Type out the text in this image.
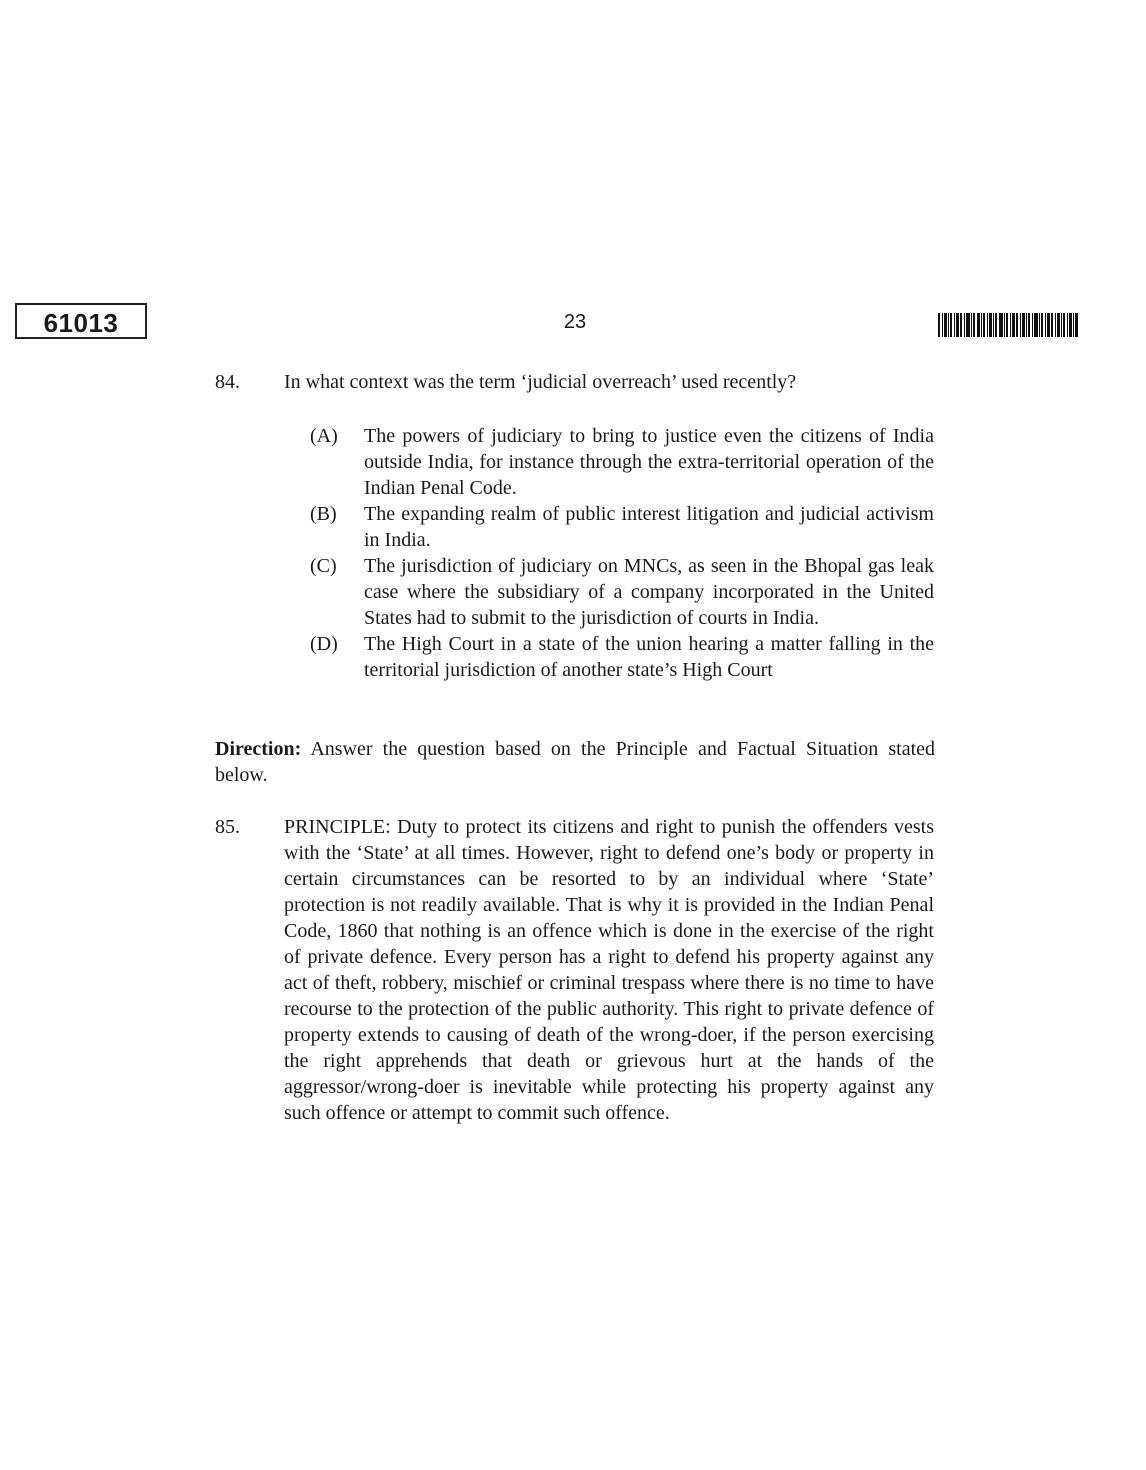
61013	23
84. In what context was the term ‘judicial overreach’ used recently?
(A)	The powers of judiciary to bring to justice even the citizens of India outside India, for instance through the extra-territorial operation of the Indian Penal Code.
(B)	The expanding realm of public interest litigation and judicial activism in India.
(C)	The jurisdiction of judiciary on MNCs, as seen in the Bhopal gas leak case where the subsidiary of a company incorporated in the United States had to submit to the jurisdiction of courts in India.
(D)	The High Court in a state of the union hearing a matter falling in the territorial jurisdiction of another state’s High Court
Direction: Answer the question based on the Principle and Factual Situation stated below.
85. PRINCIPLE: Duty to protect its citizens and right to punish the offenders vests with the ‘State’ at all times. However, right to defend one’s body or property in certain circumstances can be resorted to by an individual where ‘State’ protection is not readily available. That is why it is provided in the Indian Penal Code, 1860 that nothing is an offence which is done in the exercise of the right of private defence. Every person has a right to defend his property against any act of theft, robbery, mischief or criminal trespass where there is no time to have recourse to the protection of the public authority. This right to private defence of property extends to causing of death of the wrong-doer, if the person exercising the right apprehends that death or grievous hurt at the hands of the aggressor/wrong-doer is inevitable while protecting his property against any such offence or attempt to commit such offence.
